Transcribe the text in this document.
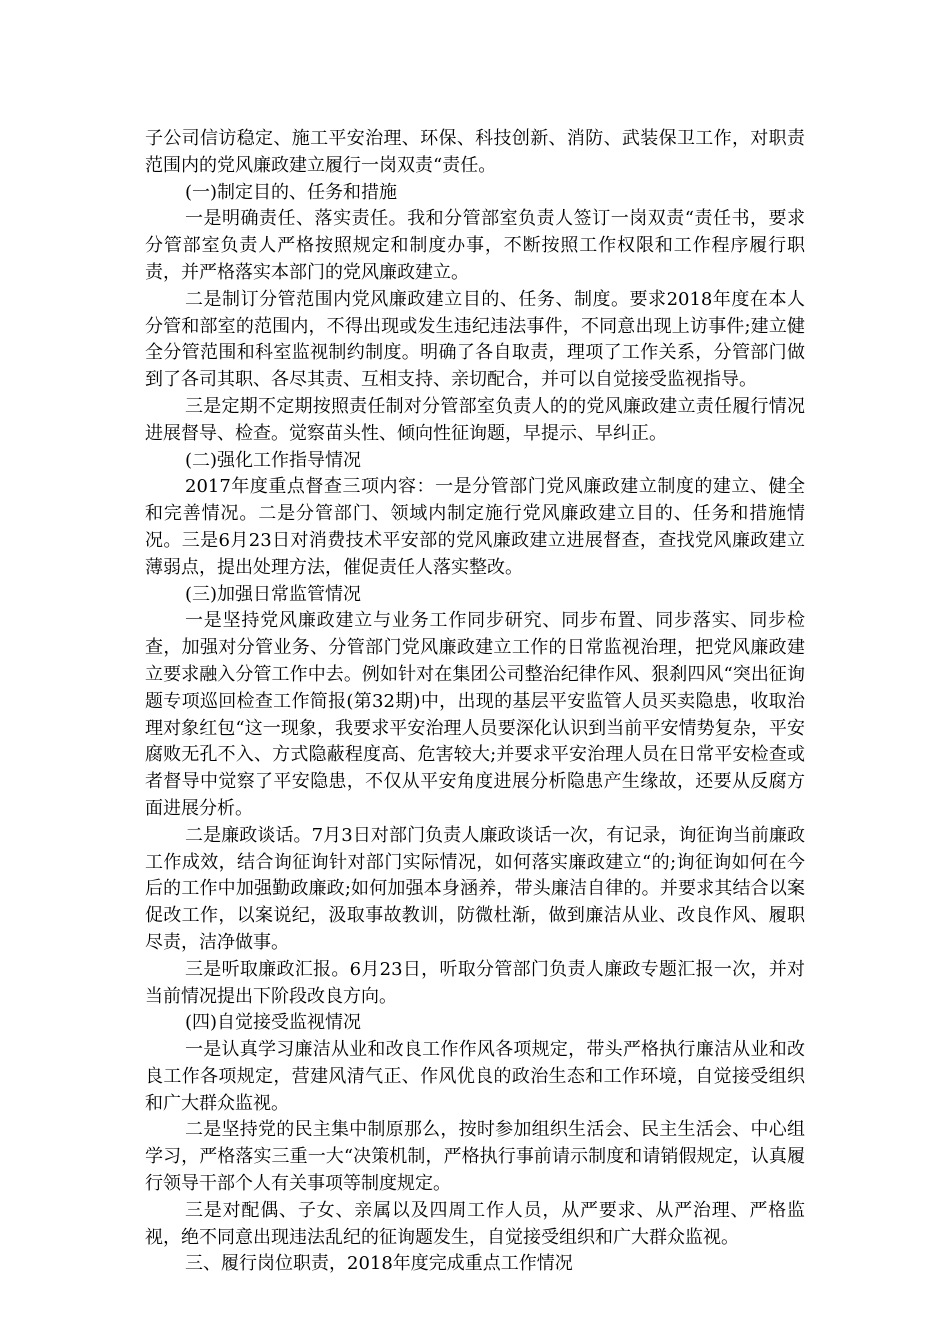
子公司信访稳定、施工平安治理、环保、科技创新、消防、武装保卫工作，对职责范围内的党风廉政建立履行一岗双责“责任。

(一)制定目的、任务和措施

一是明确责任、落实责任。我和分管部室负责人签订一岗双责“责任书，要求分管部室负责人严格按照规定和制度办事，不断按照工作权限和工作程序履行职责，并严格落实本部门的党风廉政建立。

二是制订分管范围内党风廉政建立目的、任务、制度。要求2018年度在本人分管和部室的范围内，不得出现或发生违纪违法事件，不同意出现上访事件;建立健全分管范围和科室监视制约制度。明确了各自取责，理项了工作关系，分管部门做到了各司其职、各尽其责、互相支持、亲切配合，并可以自觉接受监视指导。

三是定期不定期按照责任制对分管部室负责人的的党风廉政建立责任履行情况进展督导、检查。觉察苗头性、倾向性征询题，早提示、早纠正。

(二)强化工作指导情况

2017年度重点督查三项内容：一是分管部门党风廉政建立制度的建立、健全和完善情况。二是分管部门、领域内制定施行党风廉政建立目的、任务和措施情况。三是6月23日对消费技术平安部的党风廉政建立进展督查，查找党风廉政建立薄弱点，提出处理方法，催促责任人落实整改。

(三)加强日常监管情况

一是坚持党风廉政建立与业务工作同步研究、同步布置、同步落实、同步检查，加强对分管业务、分管部门党风廉政建立工作的日常监视治理，把党风廉政建立要求融入分管工作中去。例如针对在集团公司整治纪律作风、狠刹四风“突出征询题专项巡回检查工作简报(第32期)中，出现的基层平安监管人员买卖隐患，收取治理对象红包“这一现象，我要求平安治理人员要深化认识到当前平安情势复杂，平安腐败无孔不入、方式隐蔽程度高、危害较大;并要求平安治理人员在日常平安检查或者督导中觉察了平安隐患，不仅从平安角度进展分析隐患产生缘故，还要从反腐方面进展分析。

二是廉政谈话。7月3日对部门负责人廉政谈话一次，有记录，询征询当前廉政工作成效，结合询征询针对部门实际情况，如何落实廉政建立“的;询征询如何在今后的工作中加强勤政廉政;如何加强本身涵养，带头廉洁自律的。并要求其结合以案促改工作，以案说纪，汲取事故教训，防微杜渐，做到廉洁从业、改良作风、履职尽责，洁净做事。

三是听取廉政汇报。6月23日，听取分管部门负责人廉政专题汇报一次，并对当前情况提出下阶段改良方向。

(四)自觉接受监视情况

一是认真学习廉洁从业和改良工作作风各项规定，带头严格执行廉洁从业和改良工作各项规定，营建风清气正、作风优良的政治生态和工作环境，自觉接受组织和广大群众监视。

二是坚持党的民主集中制原那么，按时参加组织生活会、民主生活会、中心组学习，严格落实三重一大“决策机制，严格执行事前请示制度和请销假规定，认真履行领导干部个人有关事项等制度规定。

三是对配偶、子女、亲属以及四周工作人员，从严要求、从严治理、严格监视，绝不同意出现违法乱纪的征询题发生，自觉接受组织和广大群众监视。

三、履行岗位职责，2018年度完成重点工作情况
